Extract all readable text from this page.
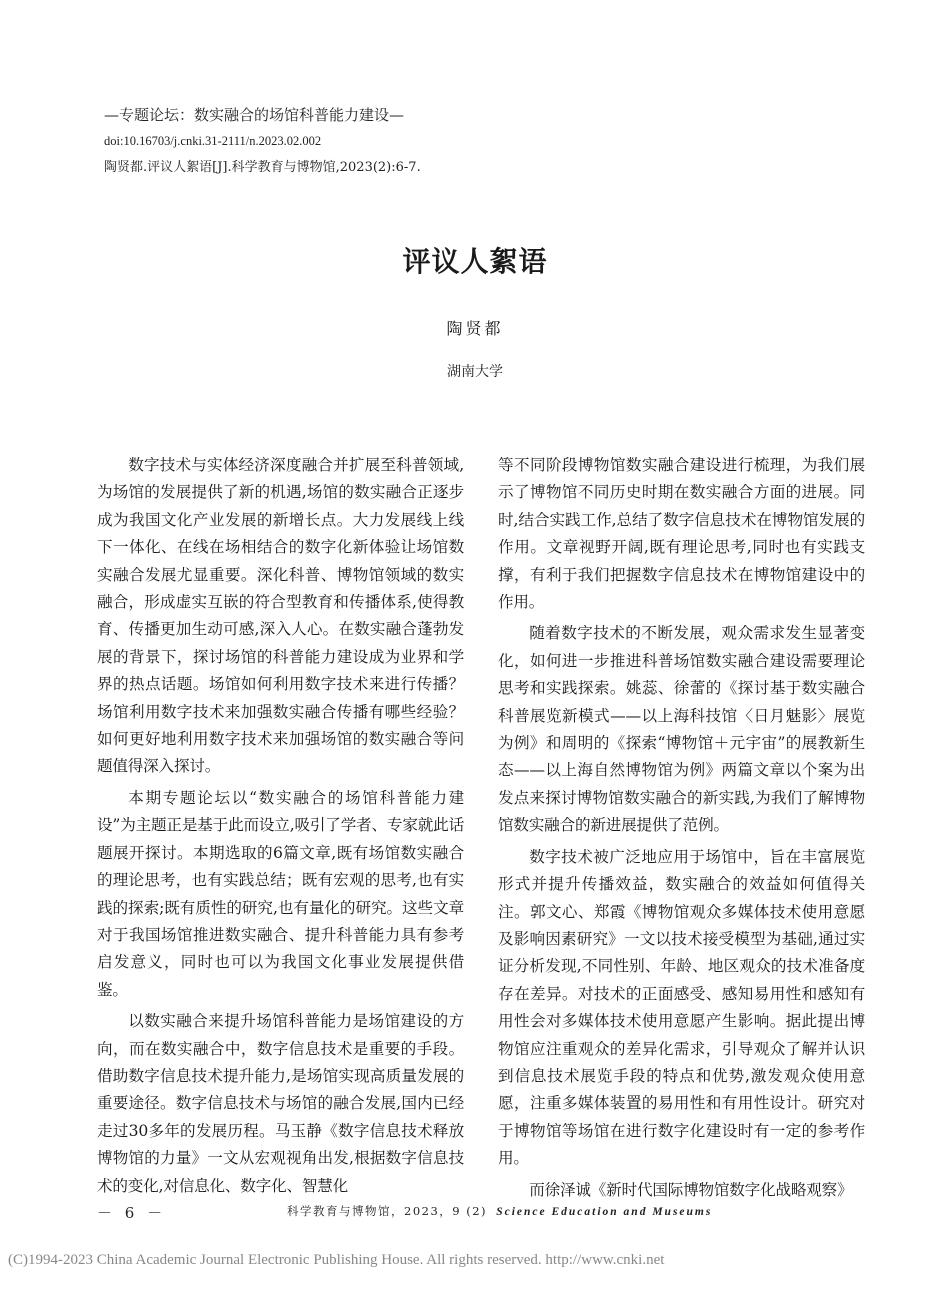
—专题论坛：数实融合的场馆科普能力建设—
doi:10.16703/j.cnki.31-2111/n.2023.02.002
陶贤都.评议人絮语[J].科学教育与博物馆,2023(2):6-7.
评议人絮语
陶贤都
湖南大学

数字技术与实体经济深度融合并扩展至科普领域,为场馆的发展提供了新的机遇,场馆的数实融合正逐步成为我国文化产业发展的新增长点。大力发展线上线下一体化、在线在场相结合的数字化新体验让场馆数实融合发展尤显重要。深化科普、博物馆领域的数实融合，形成虚实互嵌的符合型教育和传播体系,使得教育、传播更加生动可感,深入人心。在数实融合蓬勃发展的背景下，探讨场馆的科普能力建设成为业界和学界的热点话题。场馆如何利用数字技术来进行传播？场馆利用数字技术来加强数实融合传播有哪些经验？如何更好地利用数字技术来加强场馆的数实融合等问题值得深入探讨。

本期专题论坛以“数实融合的场馆科普能力建设”为主题正是基于此而设立,吸引了学者、专家就此话题展开探讨。本期选取的6篇文章,既有场馆数实融合的理论思考，也有实践总结；既有宏观的思考,也有实践的探索;既有质性的研究,也有量化的研究。这些文章对于我国场馆推进数实融合、提升科普能力具有参考启发意义，同时也可以为我国文化事业发展提供借鉴。

以数实融合来提升场馆科普能力是场馆建设的方向，而在数实融合中，数字信息技术是重要的手段。借助数字信息技术提升能力,是场馆实现高质量发展的重要途径。数字信息技术与场馆的融合发展,国内已经走过30多年的发展历程。马玉静《数字信息技术释放博物馆的力量》一文从宏观视角出发,根据数字信息技术的变化,对信息化、数字化、智慧化

等不同阶段博物馆数实融合建设进行梳理，为我们展示了博物馆不同历史时期在数实融合方面的进展。同时,结合实践工作,总结了数字信息技术在博物馆发展的作用。文章视野开阔,既有理论思考,同时也有实践支撑，有利于我们把握数字信息技术在博物馆建设中的作用。

随着数字技术的不断发展，观众需求发生显著变化，如何进一步推进科普场馆数实融合建设需要理论思考和实践探索。姚蕊、徐蕾的《探讨基于数实融合科普展览新模式——以上海科技馆〈日月魅影〉展览为例》和周明的《探索“博物馆＋元宇宙”的展教新生态——以上海自然博物馆为例》两篇文章以个案为出发点来探讨博物馆数实融合的新实践,为我们了解博物馆数实融合的新进展提供了范例。

数字技术被广泛地应用于场馆中，旨在丰富展览形式并提升传播效益，数实融合的效益如何值得关注。郭文心、郑霞《博物馆观众多媒体技术使用意愿及影响因素研究》一文以技术接受模型为基础,通过实证分析发现,不同性别、年龄、地区观众的技术准备度存在差异。对技术的正面感受、感知易用性和感知有用性会对多媒体技术使用意愿产生影响。据此提出博物馆应注重观众的差异化需求，引导观众了解并认识到信息技术展览手段的特点和优势,激发观众使用意愿，注重多媒体装置的易用性和有用性设计。研究对于博物馆等场馆在进行数字化建设时有一定的参考作用。

而徐泽诚《新时代国际博物馆数字化战略观察》

－ 6 －	科学教育与博物馆，2023，9 (2) Science Education and Museums
(C)1994-2023 China Academic Journal Electronic Publishing House. All rights reserved. http://www.cnki.net
